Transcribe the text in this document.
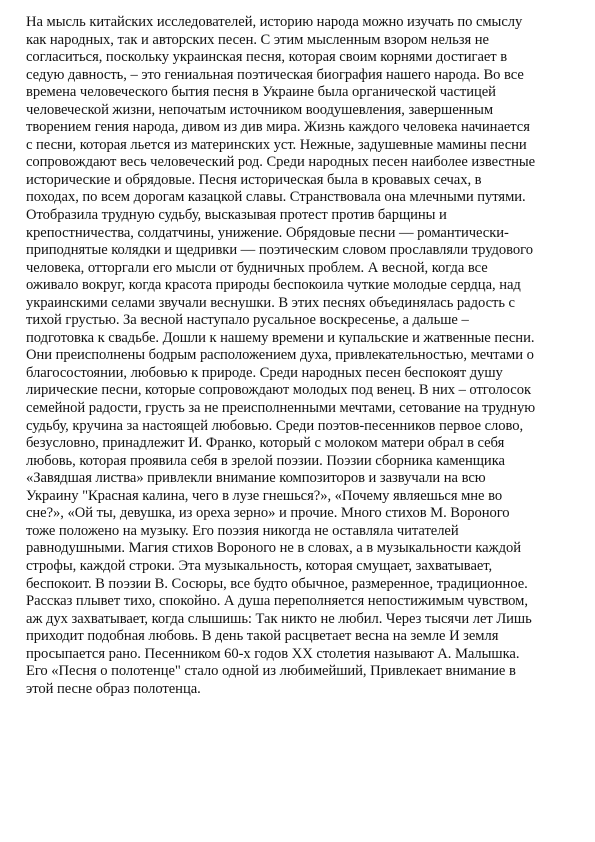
На мысль китайских исследователей, историю народа можно изучать по смыслу
как народных, так и авторских песен. С этим мысленным взором нельзя не
согласиться, поскольку украинская песня, которая своим корнями достигает в
седую давность, – это гениальная поэтическая биография нашего народа. Во все
времена человеческого бытия песня в Украине была органической частицей
человеческой жизни, непочатым источником воодушевления, завершенным
творением гения народа, дивом из див мира. Жизнь каждого человека начинается
с песни, которая льется из материнских уст. Нежные, задушевные мамины песни
сопровождают весь человеческий род. Среди народных песен наиболее известные
исторические и обрядовые. Песня историческая была в кровавых сечах, в
походах, по всем дорогам казацкой славы. Странствовала она млечными путями.
Отобразила трудную судьбу, высказывая протест против барщины и
крепостничества, солдатчины, унижение. Обрядовые песни — романтически-
приподнятые колядки и щедривки — поэтическим словом прославляли трудового
человека, отторгали его мысли от будничных проблем. А весной, когда все
оживало вокруг, когда красота природы беспокоила чуткие молодые сердца, над
украинскими селами звучали веснушки. В этих песнях объединялась радость с
тихой грустью. За весной наступало русальное воскресенье, а дальше –
подготовка к свадьбе. Дошли к нашему времени и купальские и жатвенные песни.
Они преисполнены бодрым расположением духа, привлекательностью, мечтами о
благосостоянии, любовью к природе. Среди народных песен беспокоят душу
лирические песни, которые сопровождают молодых под венец. В них – отголосок
семейной радости, грусть за не преисполненными мечтами, сетование на трудную
судьбу, кручина за настоящей любовью. Среди поэтов-песенников первое слово,
безусловно, принадлежит И. Франко, который с молоком матери обрал в себя
любовь, которая проявила себя в зрелой поэзии. Поэзии сборника каменщика
«Завядшая листва» привлекли внимание композиторов и зазвучали на всю
Украину "Красная калина, чего в лузе гнешься?», «Почему являешься мне во
сне?», «Ой ты, девушка, из ореха зерно» и прочие. Много стихов М. Вороного
тоже положено на музыку. Его поэзия никогда не оставляла читателей
равнодушными. Магия стихов Вороного не в словах, а в музыкальности каждой
строфы, каждой строки. Эта музыкальность, которая смущает, захватывает,
беспокоит. В поэзии В. Сосюры, все будто обычное, размеренное, традиционное.
Рассказ плывет тихо, спокойно. А душа переполняется непостижимым чувством,
аж дух захватывает, когда слышишь: Так никто не любил. Через тысячи лет Лишь
приходит подобная любовь. В день такой расцветает весна на земле И земля
просыпается рано. Песенником 60-х годов XX столетия называют А. Малышка.
Его «Песня о полотенце" стало одной из любимейший, Привлекает внимание в
этой песне образ полотенца.
